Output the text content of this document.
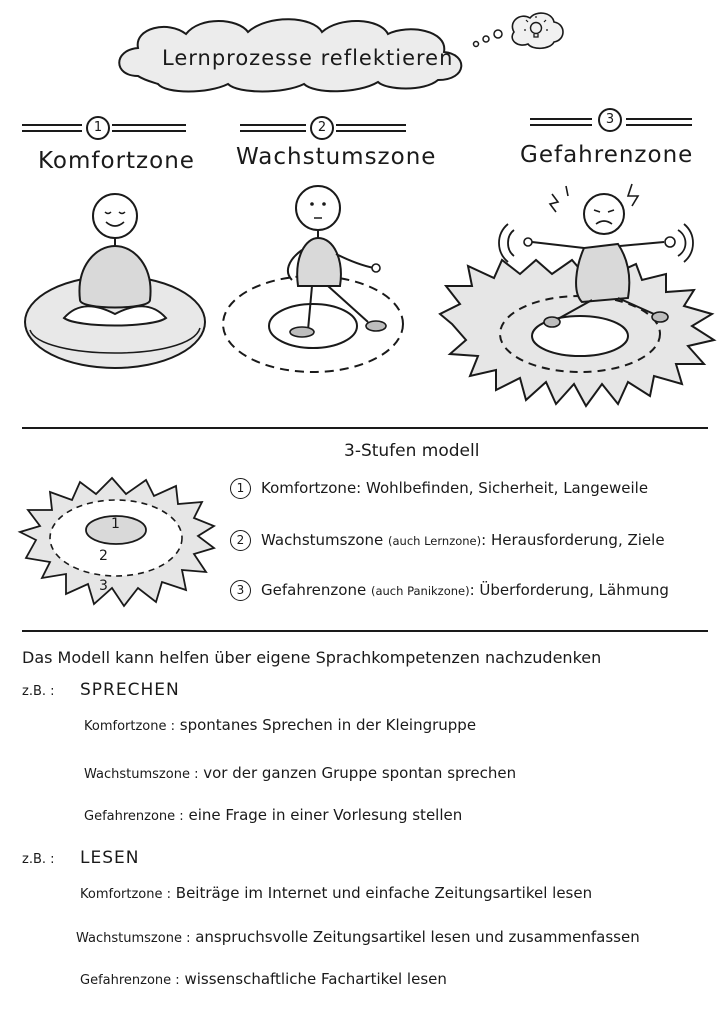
Lernprozesse reflektieren
1
Komfortzone
2
Wachstumszone
3
Gefahrenzone
3-Stufen modell
1
2
3
1 Komfortzone: Wohlbefinden, Sicherheit, Langeweile
2 Wachstumszone (auch Lernzone): Herausforderung, Ziele
3 Gefahrenzone (auch Panikzone): Überforderung, Lähmung
Das Modell kann helfen über eigene Sprachkompetenzen nachzudenken
z.B. : SPRECHEN
Komfortzone : spontanes Sprechen in der Kleingruppe
Wachstumszone : vor der ganzen Gruppe spontan sprechen
Gefahrenzone : eine Frage in einer Vorlesung stellen
z.B. : LESEN
Komfortzone : Beiträge im Internet und einfache Zeitungsartikel lesen
Wachstumszone : anspruchsvolle Zeitungsartikel lesen und zusammenfassen
Gefahrenzone : wissenschaftliche Fachartikel lesen
